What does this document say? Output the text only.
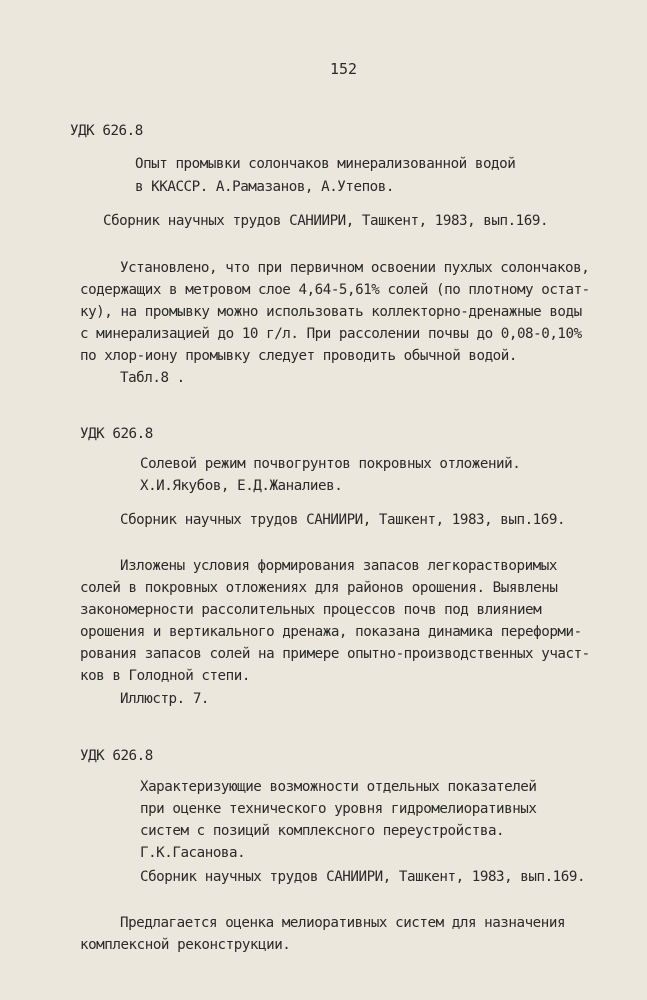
152
УДК 626.8
Опыт промывки солончаков минерализованной водой
в ККАССР. А.Рамазанов, А.Утепов.
Сборник научных трудов САНИИРИ, Ташкент, 1983, вып.169.
Установлено, что при первичном освоении пухлых солончаков,
содержащих в метровом слое 4,64-5,61% солей (по плотному остат-
ку), на промывку можно использовать коллекторно-дренажные воды
с минерализацией до 10 г/л. При рассолении почвы до 0,08-0,10%
по хлор-иону промывку следует проводить обычной водой.
Табл.8 .
УДК 626.8
Солевой режим почвогрунтов покровных отложений.
Х.И.Якубов, Е.Д.Жаналиев.
Сборник научных трудов САНИИРИ, Ташкент, 1983, вып.169.
Изложены условия формирования запасов легкорастворимых
солей в покровных отложениях для районов орошения. Выявлены
закономерности рассолительных процессов почв под влиянием
орошения и вертикального дренажа, показана динамика переформи-
рования запасов солей на примере опытно-производственных участ-
ков в Голодной степи.
Иллюстр. 7.
УДК 626.8
Характеризующие возможности отдельных показателей
при оценке технического уровня гидромелиоративных
систем с позиций комплексного переустройства.
Г.К.Гасанова.
Сборник научных трудов САНИИРИ, Ташкент, 1983, вып.169.
Предлагается оценка мелиоративных систем для назначения
комплексной реконструкции.
